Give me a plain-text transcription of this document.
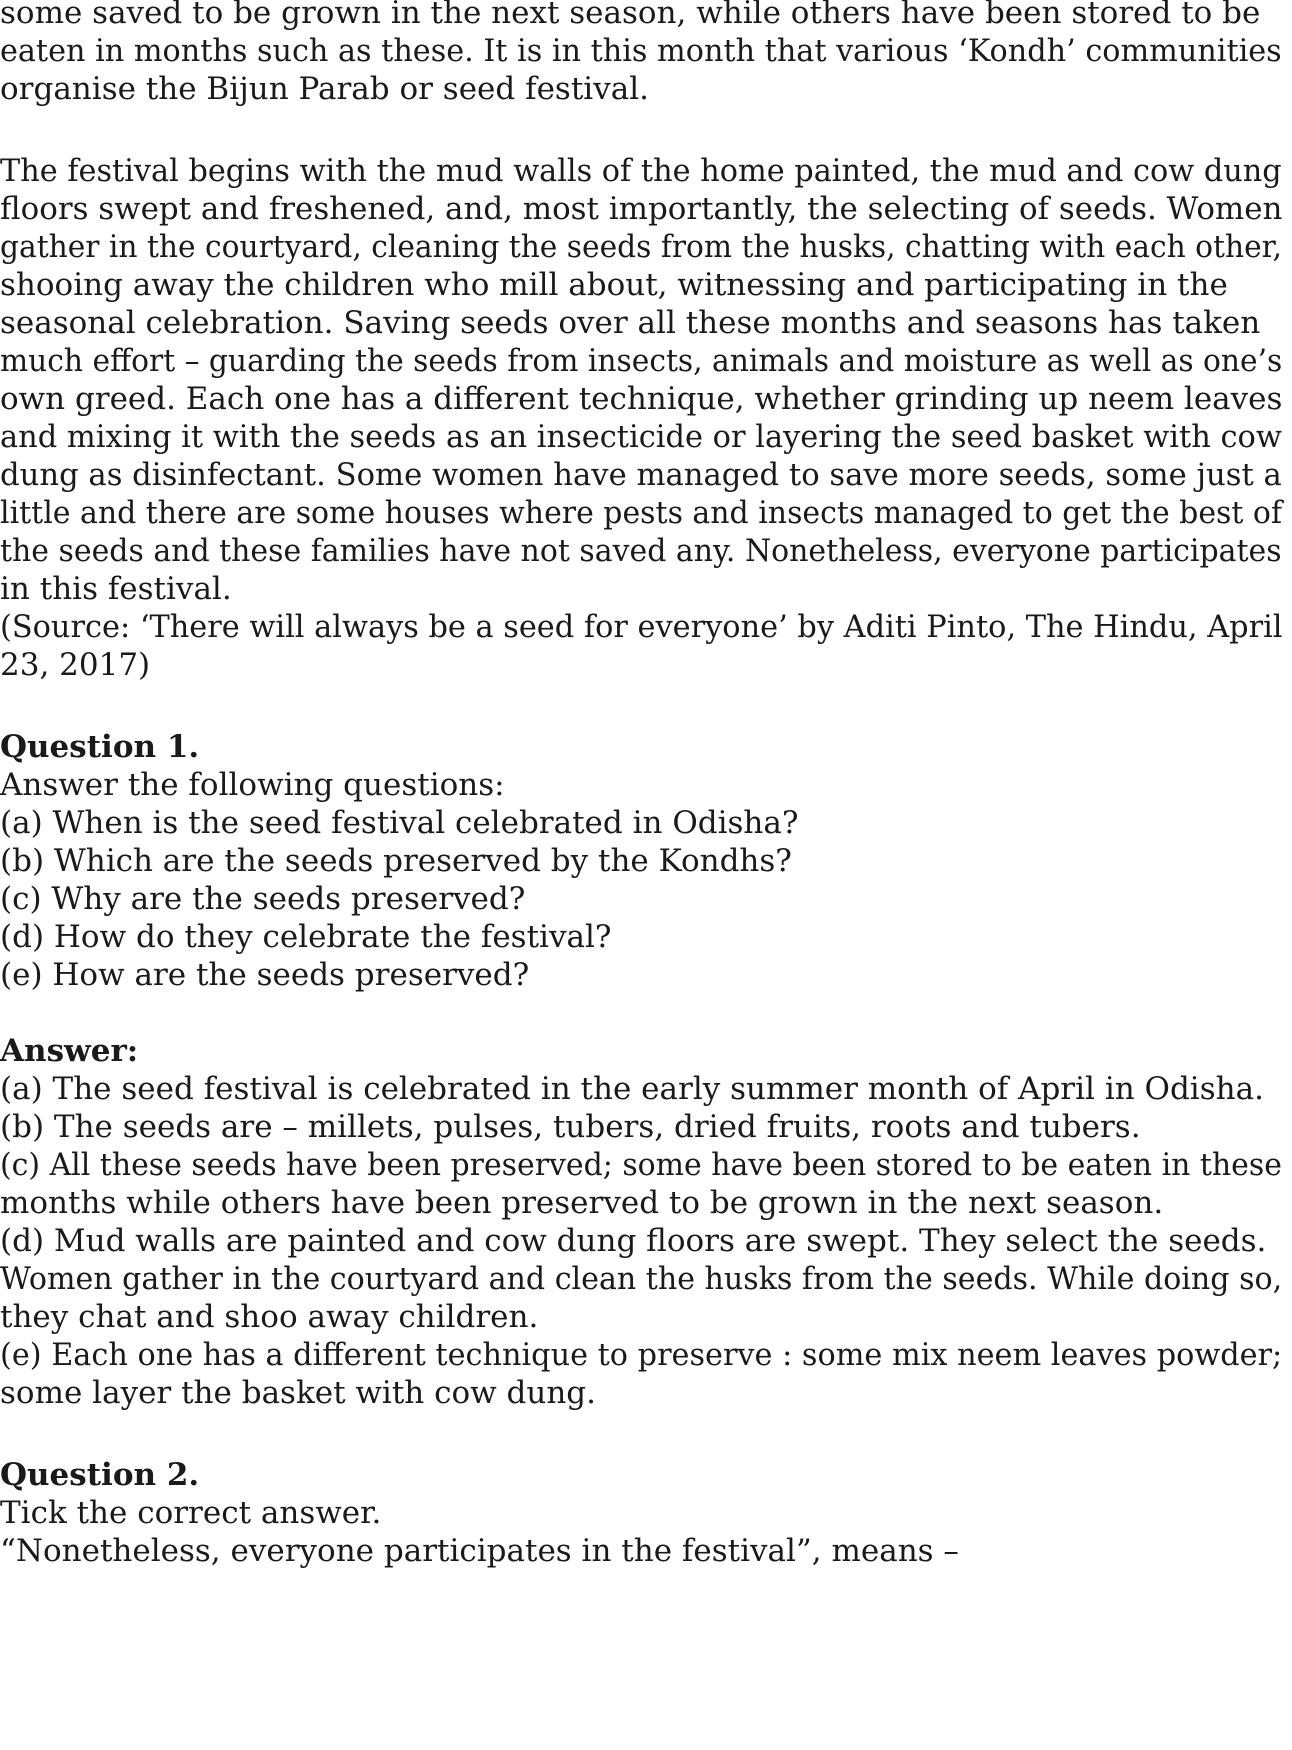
some saved to be grown in the next season, while others have been stored to be

eaten in months such as these. It is in this month that various ‘Kondh’ communities

organise the Bijun Parab or seed festival.

The festival begins with the mud walls of the home painted, the mud and cow dung

floors swept and freshened, and, most importantly, the selecting of seeds. Women

gather in the courtyard, cleaning the seeds from the husks, chatting with each other,

shooing away the children who mill about, witnessing and participating in the

seasonal celebration. Saving seeds over all these months and seasons has taken

much effort – guarding the seeds from insects, animals and moisture as well as one’s

own greed. Each one has a different technique, whether grinding up neem leaves

and mixing it with the seeds as an insecticide or layering the seed basket with cow

dung as disinfectant. Some women have managed to save more seeds, some just a

little and there are some houses where pests and insects managed to get the best of

the seeds and these families have not saved any. Nonetheless, everyone participates

in this festival.

(Source: ‘There will always be a seed for everyone’ by Aditi Pinto, The Hindu, April

23, 2017)

Question 1.

Answer the following questions:

(a) When is the seed festival celebrated in Odisha?

(b) Which are the seeds preserved by the Kondhs?

(c) Why are the seeds preserved?

(d) How do they celebrate the festival?

(e) How are the seeds preserved?

Answer:

(a) The seed festival is celebrated in the early summer month of April in Odisha.

(b) The seeds are – millets, pulses, tubers, dried fruits, roots and tubers.

(c) All these seeds have been preserved; some have been stored to be eaten in these

months while others have been preserved to be grown in the next season.

(d) Mud walls are painted and cow dung floors are swept. They select the seeds.

Women gather in the courtyard and clean the husks from the seeds. While doing so,

they chat and shoo away children.

(e) Each one has a different technique to preserve : some mix neem leaves powder;

some layer the basket with cow dung.

Question 2.

Tick the correct answer.

“Nonetheless, everyone participates in the festival”, means –
